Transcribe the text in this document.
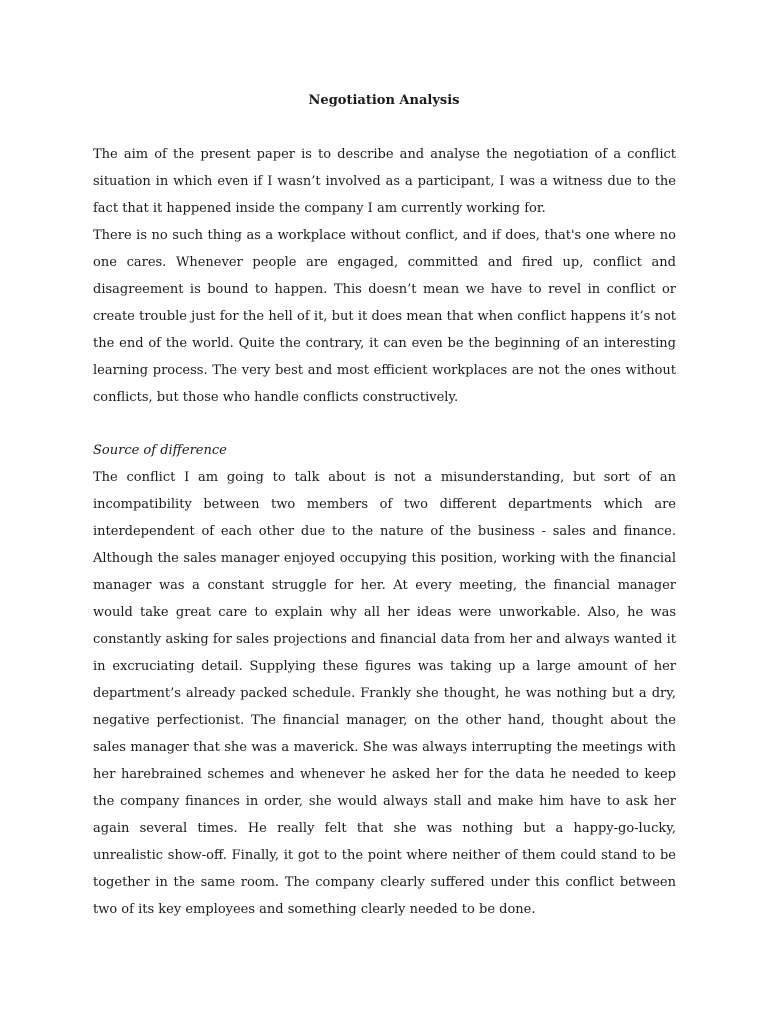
Negotiation Analysis

The aim of the present paper is to describe and analyse the negotiation of a conflict situation in which even if I wasn’t involved as a participant, I was a witness due to the fact that it happened inside the company I am currently working for.

There is no such thing as a workplace without conflict, and if does, that's one where no one cares. Whenever people are engaged, committed and fired up, conflict and disagreement is bound to happen. This doesn’t mean we have to revel in conflict or create trouble just for the hell of it, but it does mean that when conflict happens it’s not the end of the world. Quite the contrary, it can even be the beginning of an interesting learning process. The very best and most efficient workplaces are not the ones without conflicts, but those who handle conflicts constructively.

Source of difference

The conflict I am going to talk about is not a misunderstanding, but sort of an incompatibility between two members of two different departments which are interdependent of each other due to the nature of the business - sales and finance. Although the sales manager enjoyed occupying this position, working with the financial manager was a constant struggle for her. At every meeting, the financial manager would take great care to explain why all her ideas were unworkable. Also, he was constantly asking for sales projections and financial data from her and always wanted it in excruciating detail. Supplying these figures was taking up a large amount of her department’s already packed schedule. Frankly she thought, he was nothing but a dry, negative perfectionist. The financial manager, on the other hand, thought about the sales manager that she was a maverick. She was always interrupting the meetings with her harebrained schemes and whenever he asked her for the data he needed to keep the company finances in order, she would always stall and make him have to ask her again several times. He really felt that she was nothing but a happy-go-lucky, unrealistic show-off. Finally, it got to the point where neither of them could stand to be together in the same room. The company clearly suffered under this conflict between two of its key employees and something clearly needed to be done.
